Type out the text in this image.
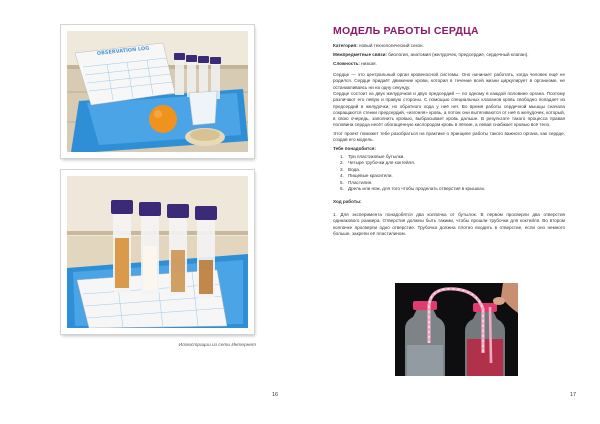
OBSERVATION LOG
Иллюстрации из сети Интернет
16
МОДЕЛЬ РАБОТЫ СЕРДЦА

Категория: новый технологический сезон.

Межпредметные связи: биология, анатомия (желудочек, предсердие, сердечный клапан).

Сложность: низкая.

Сердце — это центральный орган кровеносной системы. Оно начинает работать, когда человек ещё не родился. Сердце придаёт движение крови, которая в течение всей жизни циркулирует в организме, не останавливаясь ни на одну секунду.

Сердце состоит из двух желудочков и двух предсердий — по одному в каждой половине органа. Поэтому различают его левую и правую стороны. С помощью специальных клапанов кровь свободно попадает из предсердий в желудочки, но обратного хода у неё нет. Во время работы сердечной мышцы сначала сокращаются стенки предсердий, «изгоняя» кровь, а потом они вытягиваются от неё в желудочек, который, в свою очередь, заполнить кровью, выбрасывает кровь дальше. В результате такого процесса правая половина сердца несёт обогащённую кислородом кровь в лёгкие, а левая снабжает кровью всё тело.

Этот проект поможет тебе разобраться на практике о принципе работы такого важного органа, как сердце, создав его модель.

Тебе понадобится:

1. Три пластиковые бутылки.
2. Четыре трубочки для коктейля.
3. Вода.
4. Пищевые красители.
5. Пластилин.
6. Дрель или нож, для того чтобы проделать отверстия в крышках.

Ход работы:

1. Для эксперимента понадобятся два колпачка от бутылок. В первом просверли два отверстия одинакового размера. Отверстия должны быть такими, чтобы прошли трубочки для коктейля. Во втором колпачке просверли одно отверстие. Трубочка должна плотно входить в отверстие, если оно немного больше, закрепи её пластилином.

17
